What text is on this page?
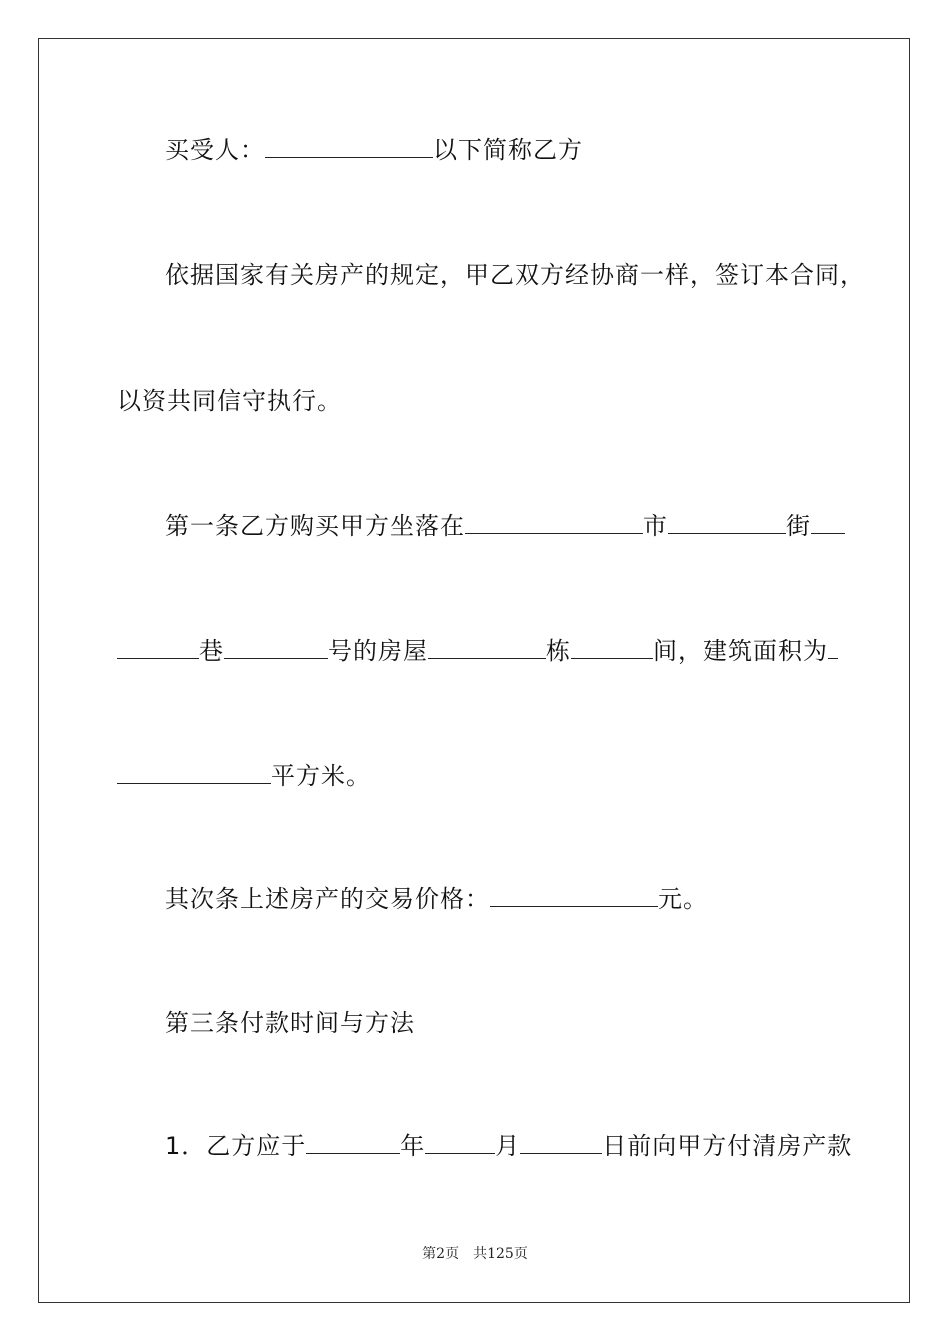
买受人：	以下简称乙方
依据国家有关房产的规定，甲乙双方经协商一样，签订本合同，
以资共同信守执行。
第一条乙方购买甲方坐落在	市	街
巷	号的房屋	栋	间，建筑面积为
平方米。
其次条上述房产的交易价格：	元。
第三条付款时间与方法
1．乙方应于	年	月	日前向甲方付清房产款
第2页 共125页
